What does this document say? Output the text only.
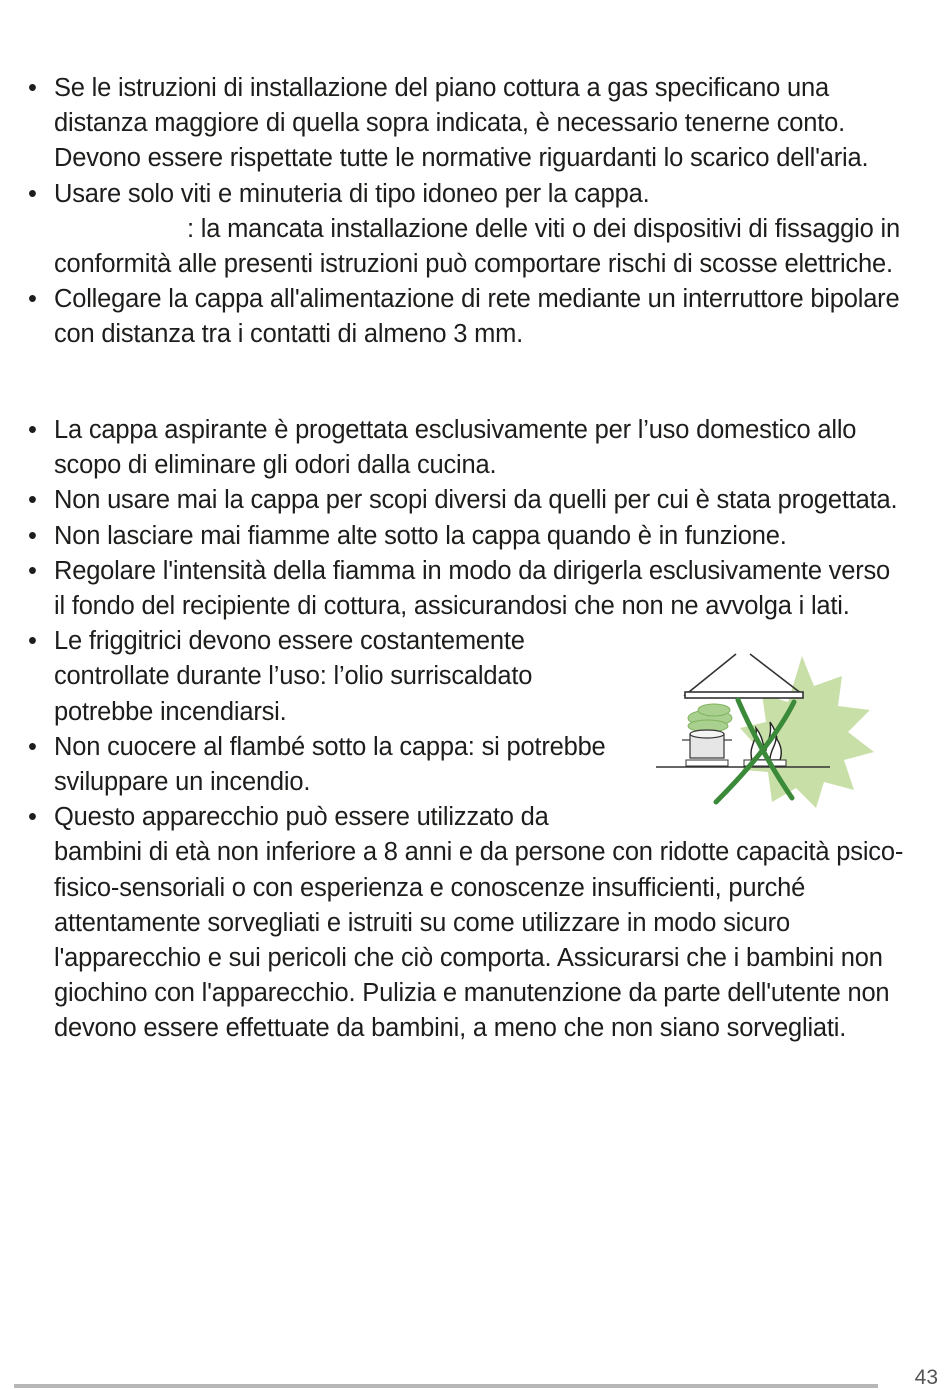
• Se le istruzioni di installazione del piano cottura a gas specificano una
distanza maggiore di quella sopra indicata, è necessario tenerne conto.
Devono essere rispettate tutte le normative riguardanti lo scarico dell'aria.
• Usare solo viti e minuteria di tipo idoneo per la cappa.
: la mancata installazione delle viti o dei dispositivi di fissaggio in
conformità alle presenti istruzioni può comportare rischi di scosse elettriche.
• Collegare la cappa all'alimentazione di rete mediante un interruttore bipolare
con distanza tra i contatti di almeno 3 mm.
• La cappa aspirante è progettata esclusivamente per l’uso domestico allo
scopo di eliminare gli odori dalla cucina.
• Non usare mai la cappa per scopi diversi da quelli per cui è stata progettata.
• Non lasciare mai fiamme alte sotto la cappa quando è in funzione.
• Regolare l'intensità della fiamma in modo da dirigerla esclusivamente verso
il fondo del recipiente di cottura, assicurandosi che non ne avvolga i lati.
• Le friggitrici devono essere costantemente
controllate durante l’uso: l’olio surriscaldato
potrebbe incendiarsi.
• Non cuocere al flambé sotto la cappa: si potrebbe
sviluppare un incendio.
• Questo apparecchio può essere utilizzato da
bambini di età non inferiore a 8 anni e da persone con ridotte capacità psico-
fisico-sensoriali o con esperienza e conoscenze insufficienti, purché
attentamente sorvegliati e istruiti su come utilizzare in modo sicuro
l'apparecchio e sui pericoli che ciò comporta. Assicurarsi che i bambini non
giochino con l'apparecchio. Pulizia e manutenzione da parte dell'utente non
devono essere effettuate da bambini, a meno che non siano sorvegliati.
43
